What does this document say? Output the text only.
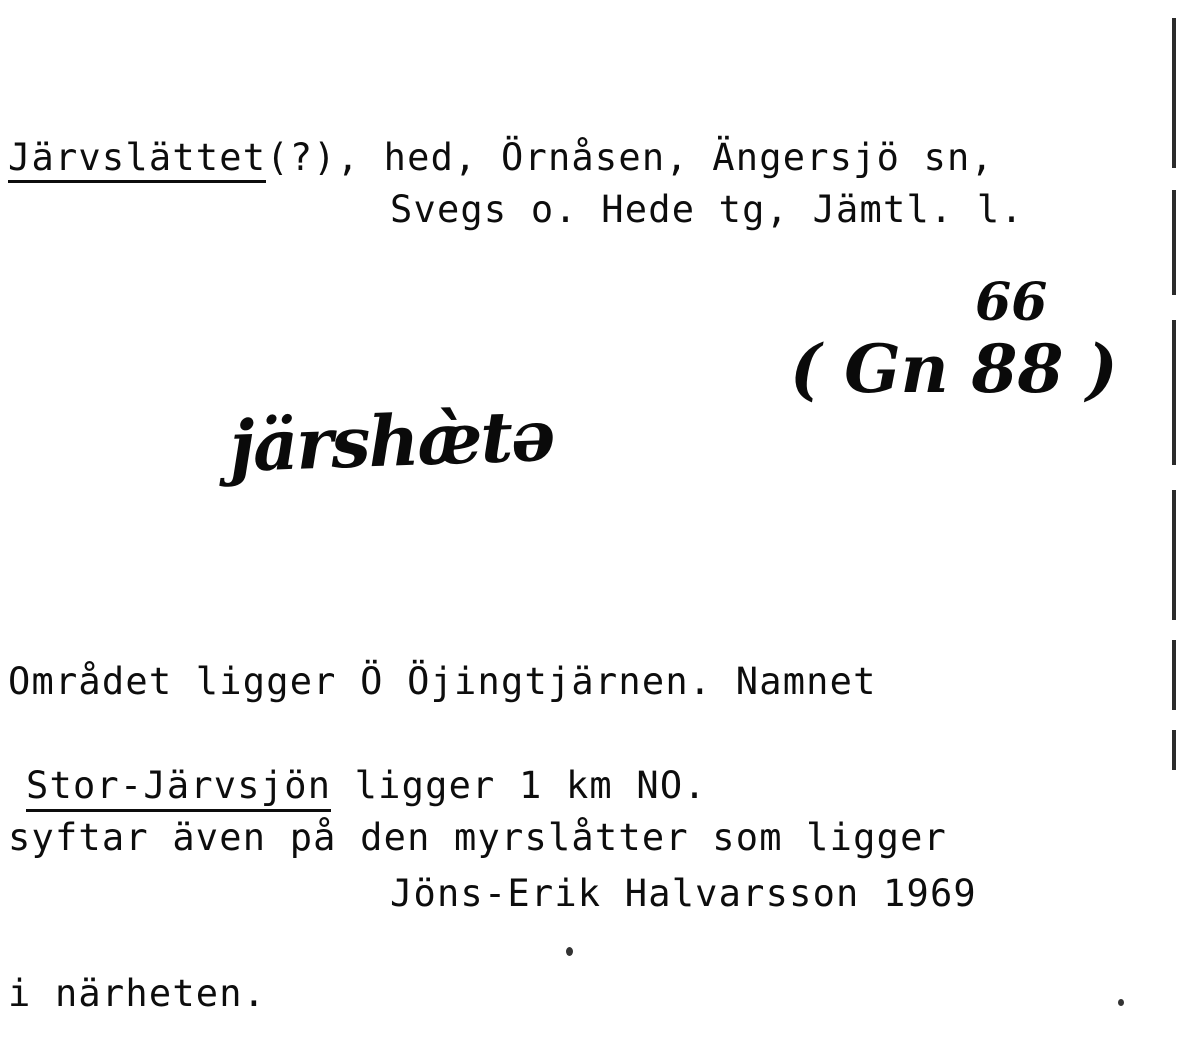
Järvslättet(?), hed, Örnåsen, Ängersjö sn,
Svegs o. Hede tg, Jämtl. l.

järshæ̀tə

66
( Gn 88 )

Området ligger Ö Öjingtjärnen. Namnet

syftar även på den myrslåtter som ligger

i närheten.

Stor-Järvsjön ligger 1 km NO.
Jöns-Erik Halvarsson 1969
